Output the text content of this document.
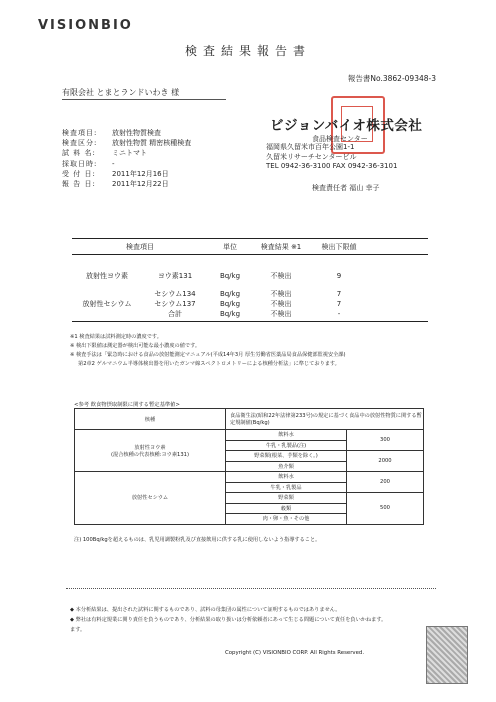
VISIONBIO
検査結果報告書
報告書No.3862-09348-3
有限会社 とまとランドいわき 様
検査項目:	放射性物質検査
検査区分:	放射性物質 精密核種検査
試 料 名:	ミニトマト
採取日時:	-
受 付 日:	2011年12月16日
報 告 日:	2011年12月22日
ビジョンバイオ株式会社
食品検査センター
福岡県久留米市百年公園1-1
久留米リサーチセンタービル
TEL 0942-36-3100 FAX 0942-36-3101
検査責任者 福山 幸子
検査項目	単位	検査結果 ※1	検出下限値
放射性ヨウ素	ヨウ素131	Bq/kg	不検出	9
セシウム134	Bq/kg	不検出	7
放射性セシウム	セシウム137	Bq/kg	不検出	7
合計	Bq/kg	不検出	-
※1 検査結果は試料測定時の濃度です。
※ 検出下限値は測定器が検出可能な最小濃度の値です。
※ 検査手法は「緊急時における食品の放射能測定マニュアル(平成14年3月 厚生労働省医薬品局食品保健部監視安全課)
第2章2 ゲルマニウム半導体検出器を用いたガンマ線スペクトロメトリーによる核種分析法」に準じております。
<参考 飲食物摂取制限に関する暫定基準値>
核種	食品衛生法(昭和22年法律第233号)の規定に基づく食品中の放射性物質に関する暫定規制値(Bq/kg)	
放射性ヨウ素
(混合核種の代表核種:ヨウ素131)	飲料水	300
	牛乳・乳製品(注)	
	野菜類(根菜、芋類を除く。)	2000
	魚介類	
放射性セシウム	飲料水	200
	牛乳・乳製品	
	野菜類	500
	穀類	
	肉・卵・魚・その他	
注) 100Bq/kgを超えるものは、乳児用調製粉乳及び直接飲用に供する乳に使用しないよう指導すること。
◆ 本分析結果は、提出された試料に関するものであり、試料の母集団の属性について証明するものではありません。
◆ 弊社は有料定規業に関り責任を負うものであり、分析結果の取り扱いは分析依頼者にあって生じる問題について責任を負いかねます。
ます。
Copyright (C) VISIONBIO CORP. All Rights Reserved.
